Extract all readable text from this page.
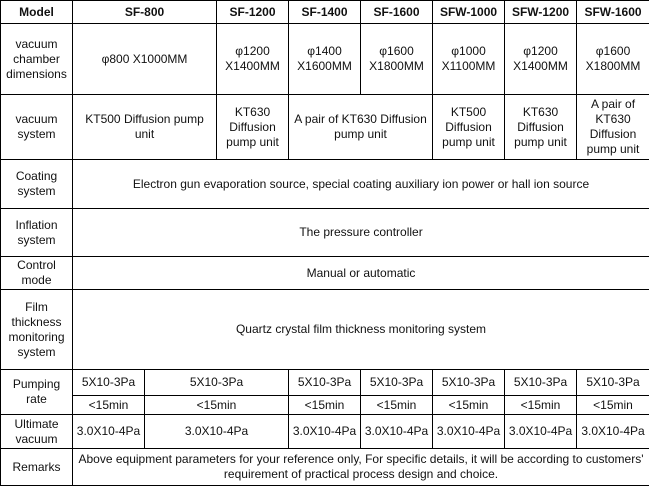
Model	SF-800		SF-1200	SF-1400	SF-1600	SFW-1000	SFW-1200	SFW-1600
vacuum chamber dimensions	φ800 X1000MM		φ1200 X1400MM	φ1400 X1600MM	φ1600 X1800MM	φ1000 X1100MM	φ1200 X1400MM	φ1600 X1800MM
vacuum system	KT500 Diffusion pump unit		KT630 Diffusion pump unit	A pair of KT630 Diffusion pump unit		KT500 Diffusion pump unit	KT630 Diffusion pump unit	A pair of KT630 Diffusion pump unit
Coating system	Electron gun evaporation source, special coating auxiliary ion power or hall ion source							
Inflation system	The pressure controller							
Control mode	Manual or automatic							
Film thickness monitoring system	Quartz crystal film thickness monitoring system							
Pumping rate	5X10-3Pa	5X10-3Pa		5X10-3Pa	5X10-3Pa	5X10-3Pa	5X10-3Pa	5X10-3Pa
	<15min	<15min		<15min	<15min	<15min	<15min	<15min
Ultimate vacuum	3.0X10-4Pa	3.0X10-4Pa		3.0X10-4Pa	3.0X10-4Pa	3.0X10-4Pa	3.0X10-4Pa	3.0X10-4Pa
Remarks	Above equipment parameters for your reference only, For specific details, it will be according to customers' requirement of practical process design and choice.							
